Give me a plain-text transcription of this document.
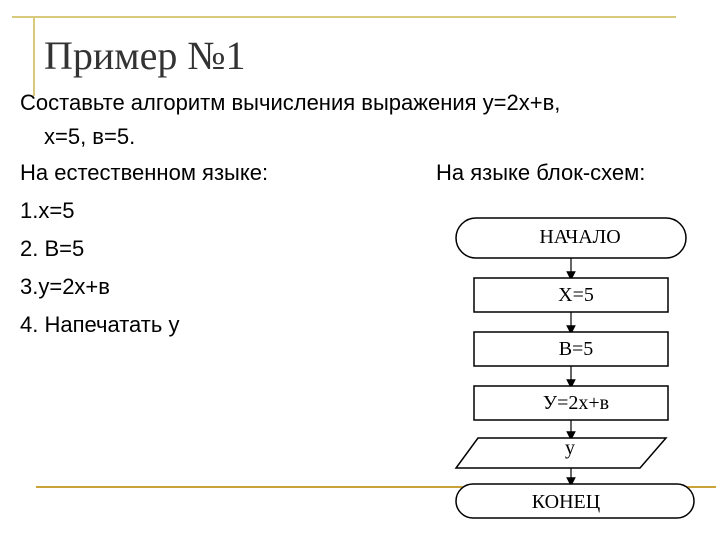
Пример №1
Составьте алгоритм вычисления выражения у=2х+в,
х=5, в=5.
На естественном языке:	На языке блок-схем:
1.х=5
2. В=5
3.у=2х+в
4. Напечатать у
НАЧАЛО
Х=5
В=5
У=2х+в
у
КОНЕЦ
